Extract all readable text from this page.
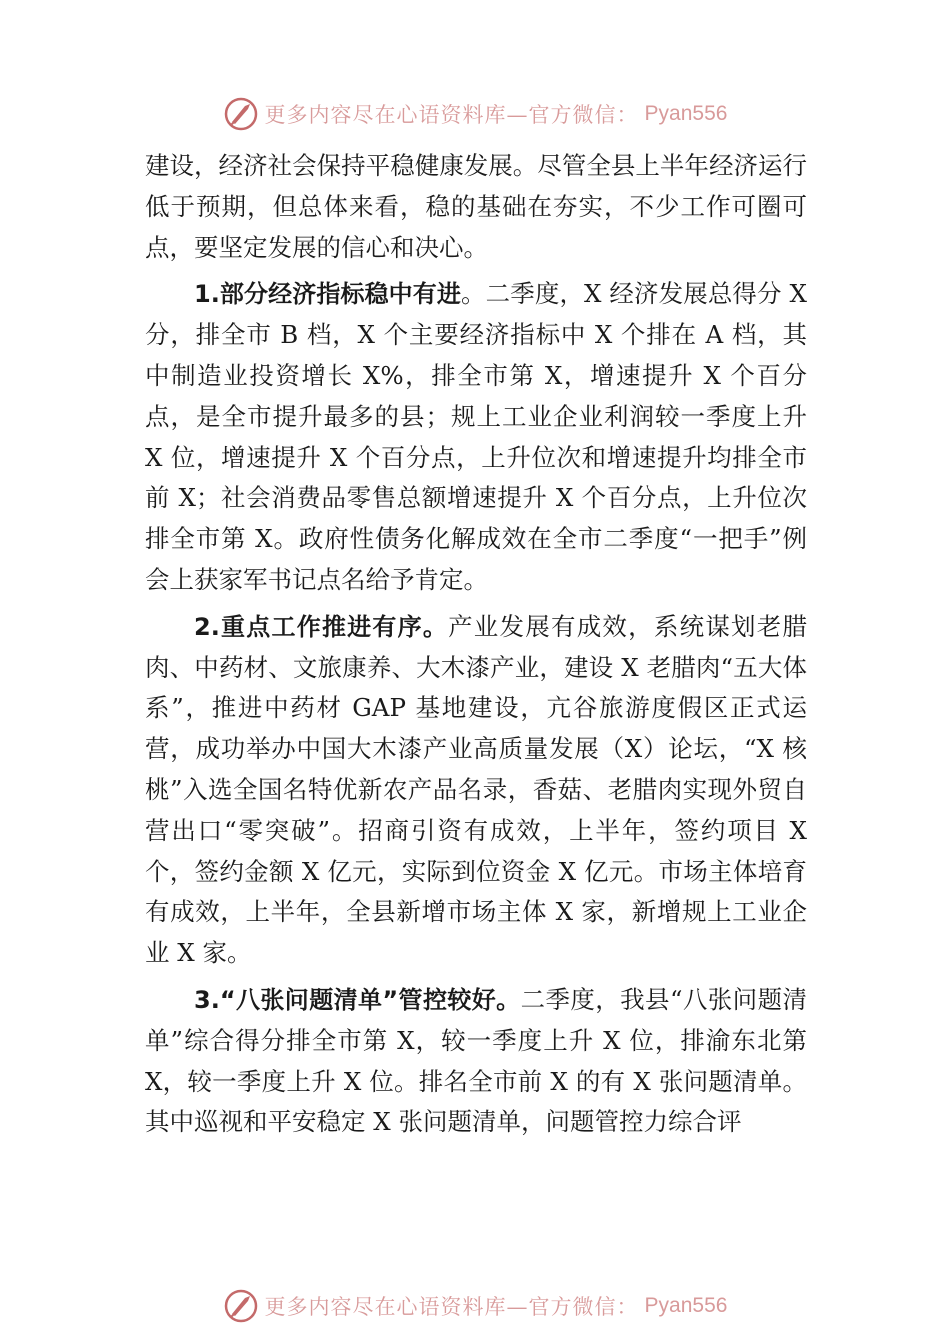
更多内容尽在心语资料库—官方微信： Pyan556

建设，经济社会保持平稳健康发展。尽管全县上半年经济运行低于预期，但总体来看，稳的基础在夯实，不少工作可圈可点，要坚定发展的信心和决心。

1.部分经济指标稳中有进。二季度，X 经济发展总得分 X 分，排全市 B 档，X 个主要经济指标中 X 个排在 A 档，其中制造业投资增长 X%，排全市第 X，增速提升 X 个百分点，是全市提升最多的县；规上工业企业利润较一季度上升 X 位，增速提升 X 个百分点，上升位次和增速提升均排全市前 X；社会消费品零售总额增速提升 X 个百分点，上升位次排全市第 X。政府性债务化解成效在全市二季度“一把手”例会上获家军书记点名给予肯定。

2.重点工作推进有序。产业发展有成效，系统谋划老腊肉、中药材、文旅康养、大木漆产业，建设 X 老腊肉“五大体系”，推进中药材 GAP 基地建设，亢谷旅游度假区正式运营，成功举办中国大木漆产业高质量发展（X）论坛，“X 核桃”入选全国名特优新农产品名录，香菇、老腊肉实现外贸自营出口“零突破”。招商引资有成效，上半年，签约项目 X 个，签约金额 X 亿元，实际到位资金 X 亿元。市场主体培育有成效，上半年，全县新增市场主体 X 家，新增规上工业企业 X 家。

3.“八张问题清单”管控较好。二季度，我县“八张问题清单”综合得分排全市第 X，较一季度上升 X 位，排渝东北第 X，较一季度上升 X 位。排名全市前 X 的有 X 张问题清单。其中巡视和平安稳定 X 张问题清单，问题管控力综合评

更多内容尽在心语资料库—官方微信： Pyan556
